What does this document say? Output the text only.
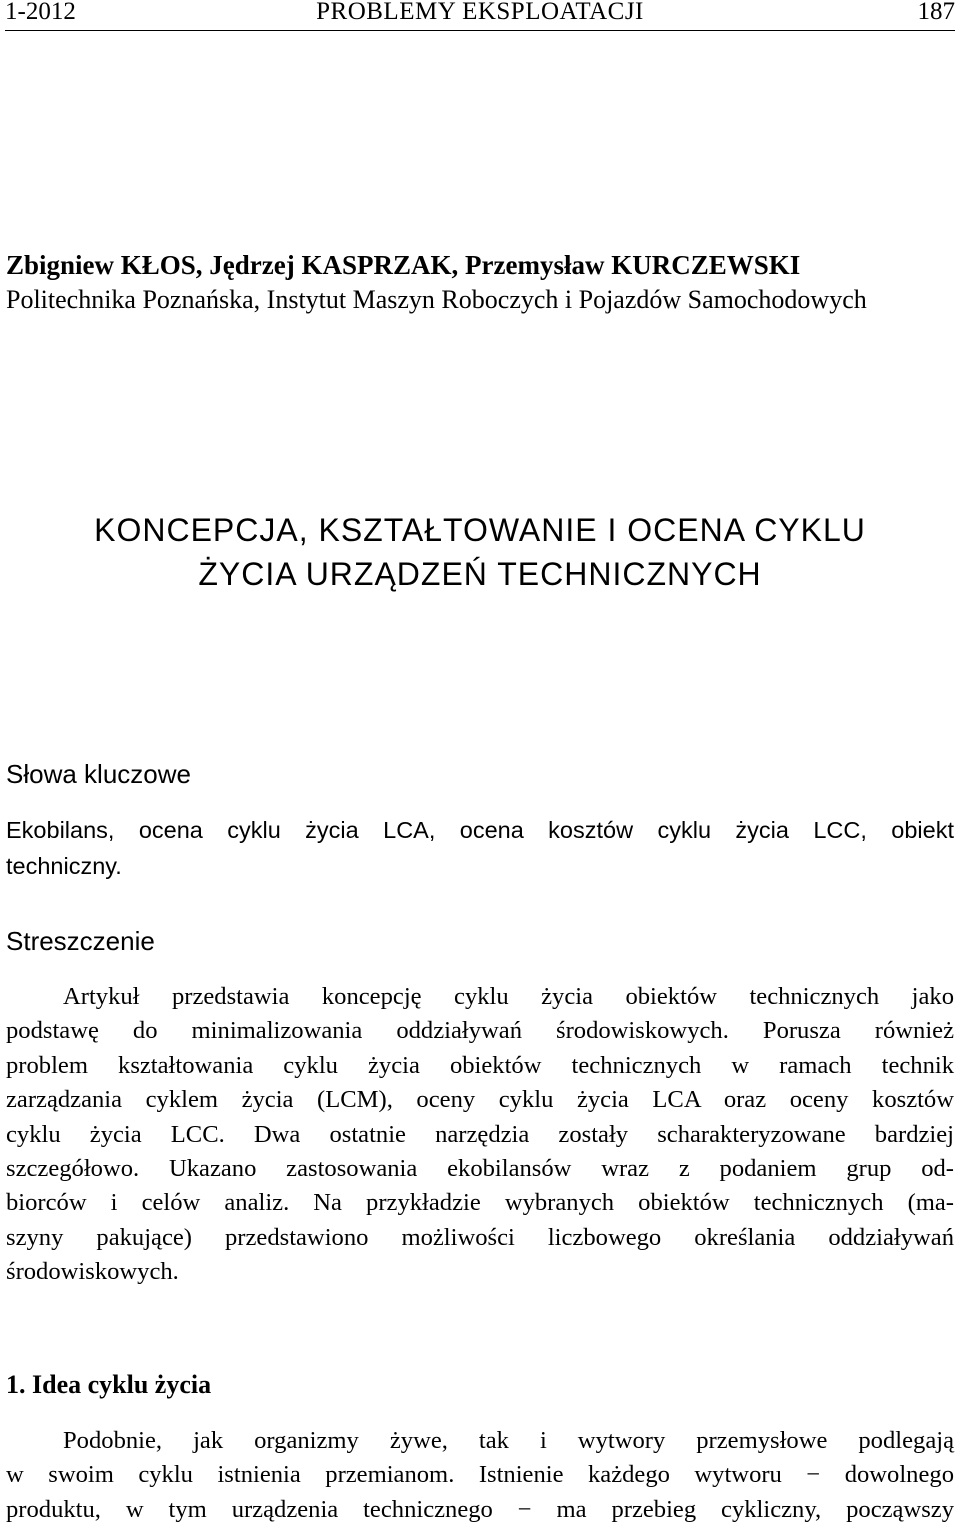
1-2012	PROBLEMY EKSPLOATACJI	187
Zbigniew KŁOS, Jędrzej KASPRZAK, Przemysław KURCZEWSKI
Politechnika Poznańska, Instytut Maszyn Roboczych i Pojazdów Samochodowych
KONCEPCJA, KSZTAŁTOWANIE I OCENA CYKLU
ŻYCIA URZĄDZEŃ TECHNICZNYCH
Słowa kluczowe
Ekobilans, ocena cyklu życia LCA, ocena kosztów cyklu życia LCC, obiekt
techniczny.
Streszczenie
Artykuł przedstawia koncepcję cyklu życia obiektów technicznych jako
podstawę do minimalizowania oddziaływań środowiskowych. Porusza również
problem kształtowania cyklu życia obiektów technicznych w ramach technik
zarządzania cyklem życia (LCM), oceny cyklu życia LCA oraz oceny kosztów
cyklu życia LCC. Dwa ostatnie narzędzia zostały scharakteryzowane bardziej
szczegółowo. Ukazano zastosowania ekobilansów wraz z podaniem grup od-
biorców i celów analiz. Na przykładzie wybranych obiektów technicznych (ma-
szyny pakujące) przedstawiono możliwości liczbowego określania oddziaływań
środowiskowych.
1. Idea cyklu życia
Podobnie, jak organizmy żywe, tak i wytwory przemysłowe podlegają
w swoim cyklu istnienia przemianom. Istnienie każdego wytworu − dowolnego
produktu, w tym urządzenia technicznego − ma przebieg cykliczny, począwszy
